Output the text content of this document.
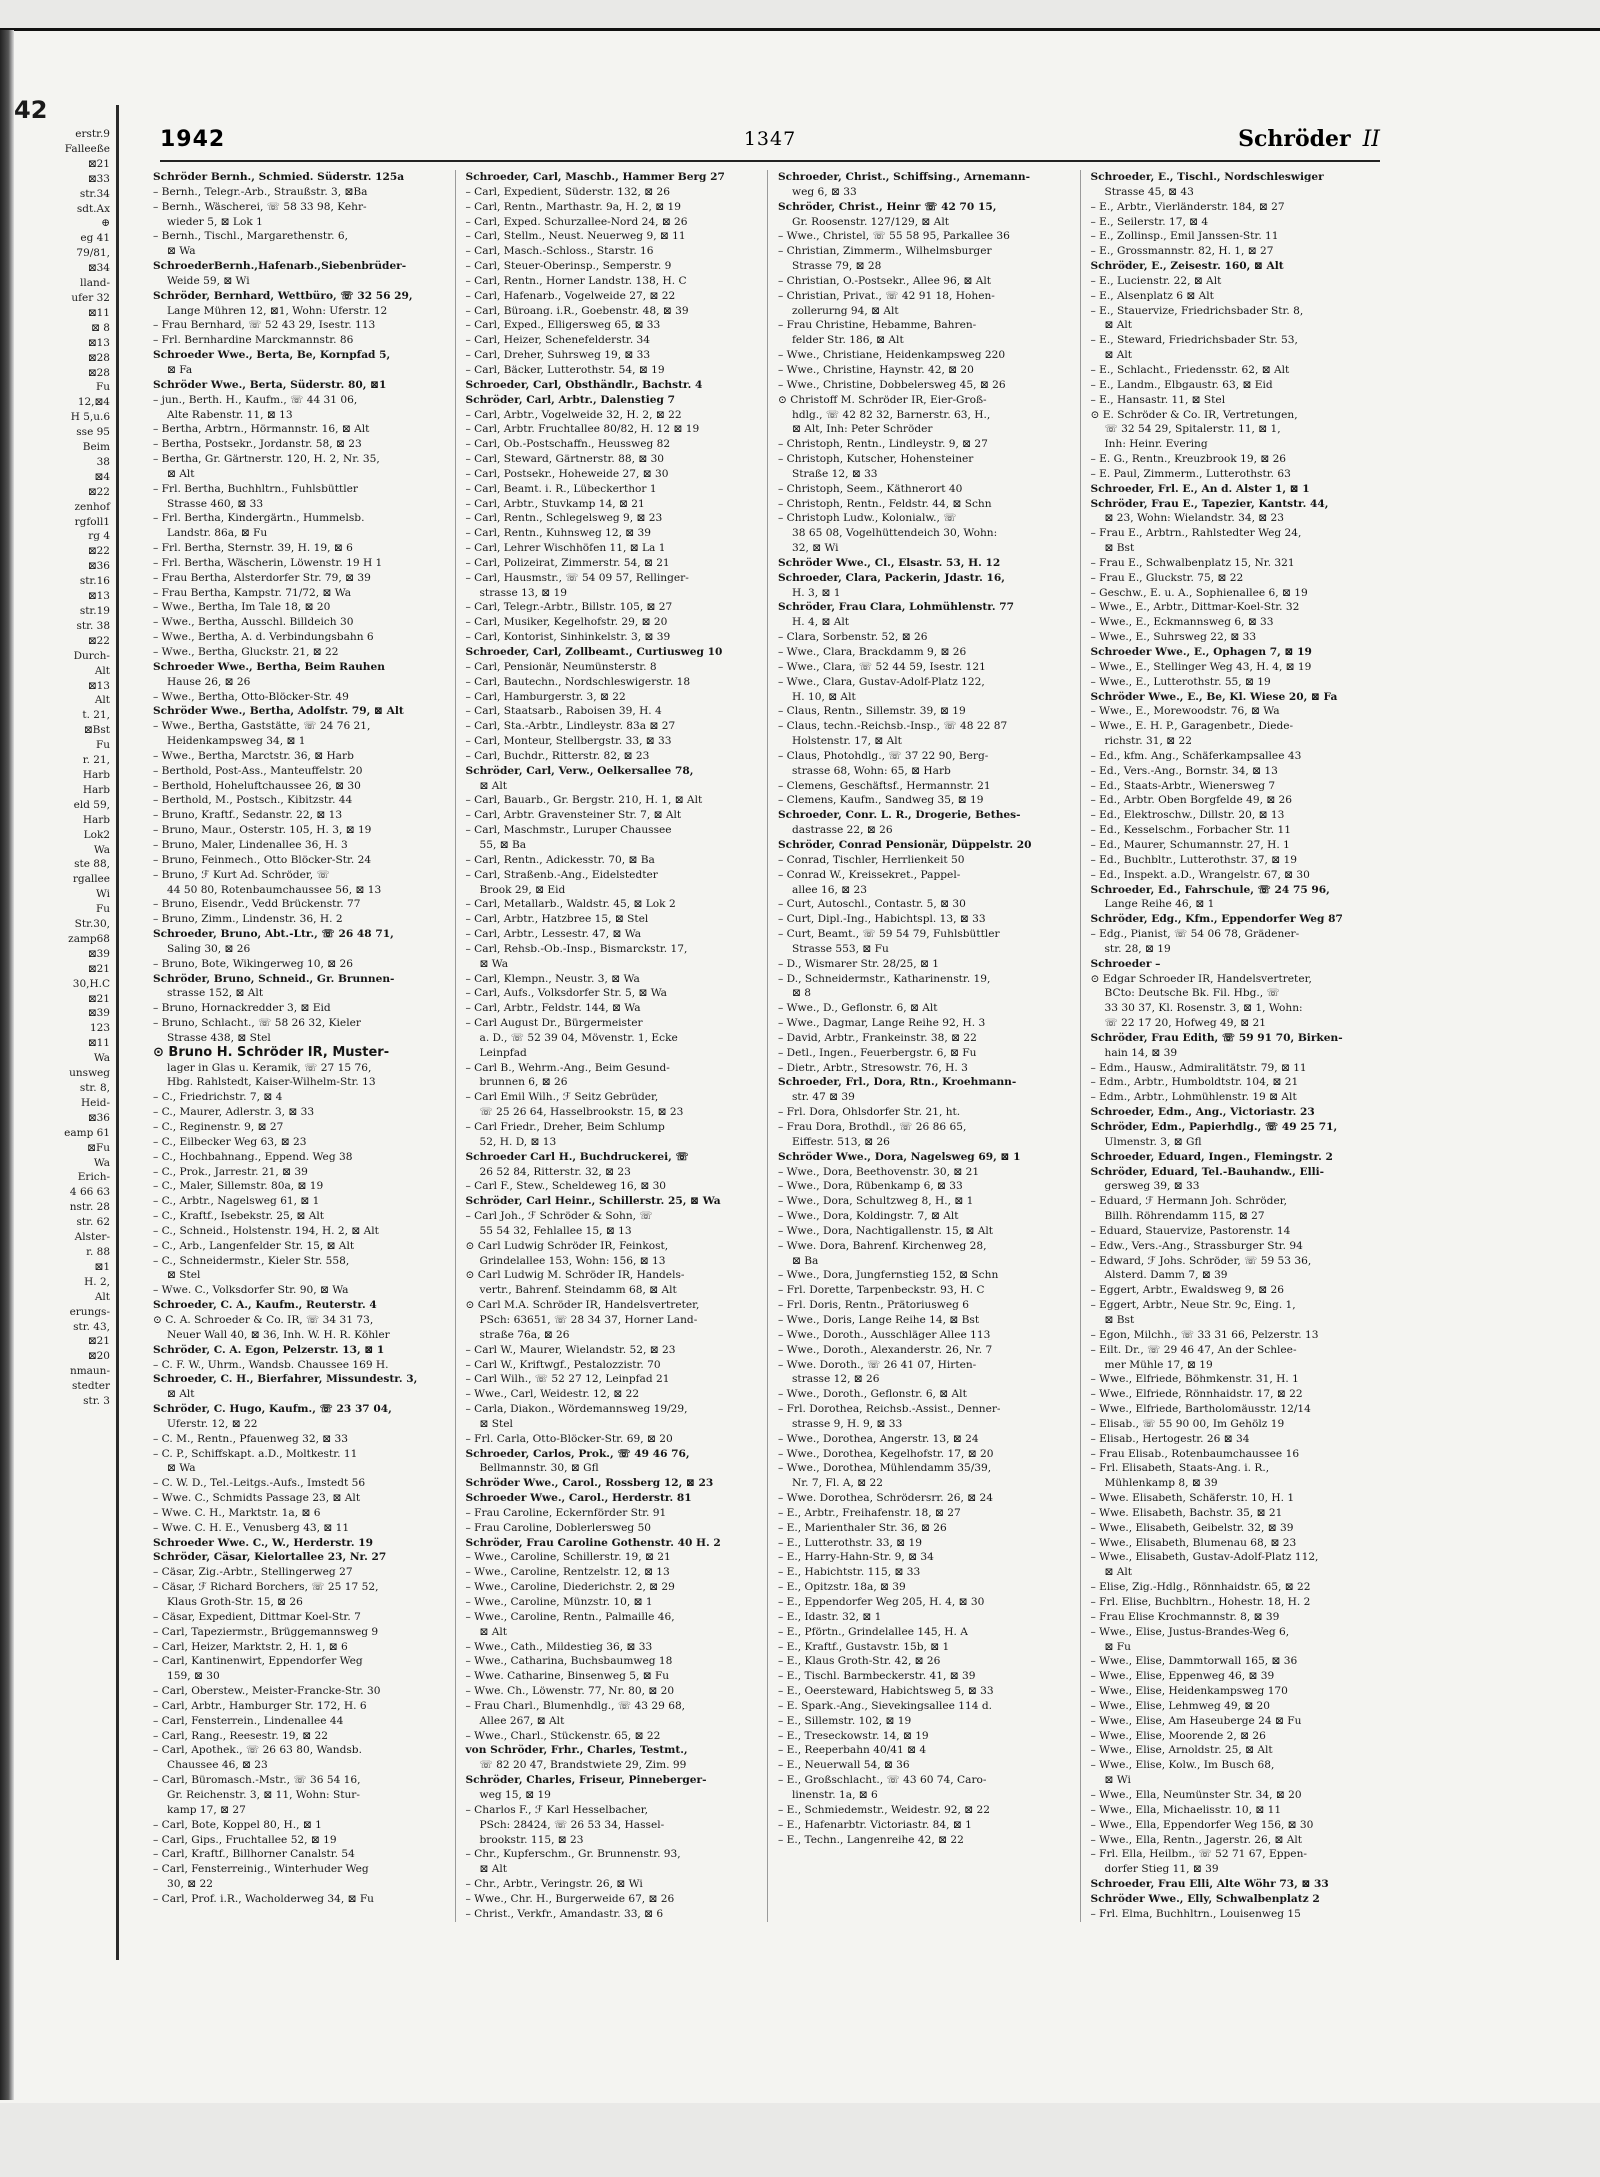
42
erstr.9
Falleeße
⊠21
⊠33
str.34
sdt.Ax
⊕
eg 41
79/81,
⊠34
lland-
ufer 32
⊠11
⊠ 8
⊠13
⊠28
⊠28
Fu
12,⊠4
H 5,u.6
sse 95
Beim
38
⊠4
⊠22
zenhof
rgfoll1
rg 4
⊠22
⊠36
str.16
⊠13
str.19
str. 38
⊠22
Durch-
Alt
⊠13
Alt
t. 21,
⊠Bst
Fu
r. 21,
Harb
Harb
eld 59,
Harb
Lok2
Wa
ste 88,
rgallee
Wi
Fu
Str.30,
zamp68
⊠39
⊠21
30,H.C
⊠21
⊠39
123
⊠11
Wa
unsweg
str. 8,
Heid-
⊠36
eamp 61
⊠Fu
Wa
Erich-
4 66 63
nstr. 28
str. 62
Alster-
r. 88
⊠1
H. 2,
Alt
erungs-
str. 43,
⊠21
⊠20
nmaun-
stedter
str. 3
1942	1347	Schröder II
Schröder Bernh., Schmied. Süderstr. 125a
– Bernh., Telegr.-Arb., Straußstr. 3, ⊠Ba
– Bernh., Wäscherei, ☏ 58 33 98, Kehr-
wieder 5, ⊠ Lok 1
– Bernh., Tischl., Margarethenstr. 6,
⊠ Wa
SchroederBernh.,Hafenarb.,Siebenbrüder-
Weide 59, ⊠ Wi
Schröder, Bernhard, Wettbüro, ☏ 32 56 29,
Lange Mühren 12, ⊠1, Wohn: Uferstr. 12
– Frau Bernhard, ☏ 52 43 29, Isestr. 113
– Frl. Bernhardine Marckmannstr. 86
Schroeder Wwe., Berta, Be, Kornpfad 5,
⊠ Fa
Schröder Wwe., Berta, Süderstr. 80, ⊠1
– jun., Berth. H., Kaufm., ☏ 44 31 06,
Alte Rabenstr. 11, ⊠ 13
– Bertha, Arbtrn., Hörmannstr. 16, ⊠ Alt
– Bertha, Postsekr., Jordanstr. 58, ⊠ 23
– Bertha, Gr. Gärtnerstr. 120, H. 2, Nr. 35,
⊠ Alt
– Frl. Bertha, Buchhltrn., Fuhlsbüttler
Strasse 460, ⊠ 33
– Frl. Bertha, Kindergärtn., Hummelsb.
Landstr. 86a, ⊠ Fu
– Frl. Bertha, Sternstr. 39, H. 19, ⊠ 6
– Frl. Bertha, Wäscherin, Löwenstr. 19 H 1
– Frau Bertha, Alsterdorfer Str. 79, ⊠ 39
– Frau Bertha, Kampstr. 71/72, ⊠ Wa
– Wwe., Bertha, Im Tale 18, ⊠ 20
– Wwe., Bertha, Ausschl. Billdeich 30
– Wwe., Bertha, A. d. Verbindungsbahn 6
– Wwe., Bertha, Gluckstr. 21, ⊠ 22
Schroeder Wwe., Bertha, Beim Rauhen
Hause 26, ⊠ 26
– Wwe., Bertha, Otto-Blöcker-Str. 49
Schröder Wwe., Bertha, Adolfstr. 79, ⊠ Alt
– Wwe., Bertha, Gaststätte, ☏ 24 76 21,
Heidenkampsweg 34, ⊠ 1
– Wwe., Bertha, Marctstr. 36, ⊠ Harb
– Berthold, Post-Ass., Manteuffelstr. 20
– Berthold, Hoheluftchaussee 26, ⊠ 30
– Berthold, M., Postsch., Kibitzstr. 44
– Bruno, Kraftf., Sedanstr. 22, ⊠ 13
– Bruno, Maur., Osterstr. 105, H. 3, ⊠ 19
– Bruno, Maler, Lindenallee 36, H. 3
– Bruno, Feinmech., Otto Blöcker-Str. 24
– Bruno, ℱ Kurt Ad. Schröder, ☏
44 50 80, Rotenbaumchaussee 56, ⊠ 13
– Bruno, Eisendr., Vedd Brückenstr. 77
– Bruno, Zimm., Lindenstr. 36, H. 2
Schroeder, Bruno, Abt.-Ltr., ☏ 26 48 71,
Saling 30, ⊠ 26
– Bruno, Bote, Wikingerweg 10, ⊠ 26
Schröder, Bruno, Schneid., Gr. Brunnen-
strasse 152, ⊠ Alt
– Bruno, Hornackredder 3, ⊠ Eid
– Bruno, Schlacht., ☏ 58 26 32, Kieler
Strasse 438, ⊠ Stel
⊙ Bruno H. Schröder IR, Muster-
lager in Glas u. Keramik, ☏ 27 15 76,
Hbg. Rahlstedt, Kaiser-Wilhelm-Str. 13
– C., Friedrichstr. 7, ⊠ 4
– C., Maurer, Adlerstr. 3, ⊠ 33
– C., Reginenstr. 9, ⊠ 27
– C., Eilbecker Weg 63, ⊠ 23
– C., Hochbahnang., Eppend. Weg 38
– C., Prok., Jarrestr. 21, ⊠ 39
– C., Maler, Sillemstr. 80a, ⊠ 19
– C., Arbtr., Nagelsweg 61, ⊠ 1
– C., Kraftf., Isebekstr. 25, ⊠ Alt
– C., Schneid., Holstenstr. 194, H. 2, ⊠ Alt
– C., Arb., Langenfelder Str. 15, ⊠ Alt
– C., Schneidermstr., Kieler Str. 558,
⊠ Stel
– Wwe. C., Volksdorfer Str. 90, ⊠ Wa
Schroeder, C. A., Kaufm., Reuterstr. 4
⊙ C. A. Schroeder & Co. IR, ☏ 34 31 73,
Neuer Wall 40, ⊠ 36, Inh. W. H. R. Köhler
Schröder, C. A. Egon, Pelzerstr. 13, ⊠ 1
– C. F. W., Uhrm., Wandsb. Chaussee 169 H.
Schroeder, C. H., Bierfahrer, Missundestr. 3,
⊠ Alt
Schröder, C. Hugo, Kaufm., ☏ 23 37 04,
Uferstr. 12, ⊠ 22
– C. M., Rentn., Pfauenweg 32, ⊠ 33
– C. P., Schiffskapt. a.D., Moltkestr. 11
⊠ Wa
– C. W. D., Tel.-Leitgs.-Aufs., Imstedt 56
– Wwe. C., Schmidts Passage 23, ⊠ Alt
– Wwe. C. H., Marktstr. 1a, ⊠ 6
– Wwe. C. H. E., Venusberg 43, ⊠ 11
Schroeder Wwe. C., W., Herderstr. 19
Schröder, Cäsar, Kielortallee 23, Nr. 27
– Cäsar, Zig.-Arbtr., Stellingerweg 27
– Cäsar, ℱ Richard Borchers, ☏ 25 17 52,
Klaus Groth-Str. 15, ⊠ 26
– Cäsar, Expedient, Dittmar Koel-Str. 7
– Carl, Tapeziermstr., Brüggemannsweg 9
– Carl, Heizer, Marktstr. 2, H. 1, ⊠ 6
– Carl, Kantinenwirt, Eppendorfer Weg
159, ⊠ 30
– Carl, Oberstew., Meister-Francke-Str. 30
– Carl, Arbtr., Hamburger Str. 172, H. 6
– Carl, Fensterrein., Lindenallee 44
– Carl, Rang., Reesestr. 19, ⊠ 22
– Carl, Apothek., ☏ 26 63 80, Wandsb.
Chaussee 46, ⊠ 23
– Carl, Büromasch.-Mstr., ☏ 36 54 16,
Gr. Reichenstr. 3, ⊠ 11, Wohn: Stur-
kamp 17, ⊠ 27
– Carl, Bote, Koppel 80, H., ⊠ 1
– Carl, Gips., Fruchtallee 52, ⊠ 19
– Carl, Kraftf., Billhorner Canalstr. 54
– Carl, Fensterreinig., Winterhuder Weg
30, ⊠ 22
– Carl, Prof. i.R., Wacholderweg 34, ⊠ Fu
Schroeder, Carl, Maschb., Hammer Berg 27
– Carl, Expedient, Süderstr. 132, ⊠ 26
– Carl, Rentn., Marthastr. 9a, H. 2, ⊠ 19
– Carl, Exped. Schurzallee-Nord 24, ⊠ 26
– Carl, Stellm., Neust. Neuerweg 9, ⊠ 11
– Carl, Masch.-Schloss., Starstr. 16
– Carl, Steuer-Oberinsp., Semperstr. 9
– Carl, Rentn., Horner Landstr. 138, H. C
– Carl, Hafenarb., Vogelweide 27, ⊠ 22
– Carl, Büroang. i.R., Goebenstr. 48, ⊠ 39
– Carl, Exped., Elligersweg 65, ⊠ 33
– Carl, Heizer, Schenefelderstr. 34
– Carl, Dreher, Suhrsweg 19, ⊠ 33
– Carl, Bäcker, Lutterothstr. 54, ⊠ 19
Schroeder, Carl, Obsthändlr., Bachstr. 4
Schröder, Carl, Arbtr., Dalenstieg 7
– Carl, Arbtr., Vogelweide 32, H. 2, ⊠ 22
– Carl, Arbtr. Fruchtallee 80/82, H. 12 ⊠ 19
– Carl, Ob.-Postschaffn., Heussweg 82
– Carl, Steward, Gärtnerstr. 88, ⊠ 30
– Carl, Postsekr., Hoheweide 27, ⊠ 30
– Carl, Beamt. i. R., Lübeckerthor 1
– Carl, Arbtr., Stuvkamp 14, ⊠ 21
– Carl, Rentn., Schlegelsweg 9, ⊠ 23
– Carl, Rentn., Kuhnsweg 12, ⊠ 39
– Carl, Lehrer Wischhöfen 11, ⊠ La 1
– Carl, Polizeirat, Zimmerstr. 54, ⊠ 21
– Carl, Hausmstr., ☏ 54 09 57, Rellinger-
strasse 13, ⊠ 19
– Carl, Telegr.-Arbtr., Billstr. 105, ⊠ 27
– Carl, Musiker, Kegelhofstr. 29, ⊠ 20
– Carl, Kontorist, Sinhinkelstr. 3, ⊠ 39
Schroeder, Carl, Zollbeamt., Curtiusweg 10
– Carl, Pensionär, Neumünsterstr. 8
– Carl, Bautechn., Nordschleswigerstr. 18
– Carl, Hamburgerstr. 3, ⊠ 22
– Carl, Staatsarb., Raboisen 39, H. 4
– Carl, Sta.-Arbtr., Lindleystr. 83a ⊠ 27
– Carl, Monteur, Stellbergstr. 33, ⊠ 33
– Carl, Buchdr., Ritterstr. 82, ⊠ 23
Schröder, Carl, Verw., Oelkersallee 78,
⊠ Alt
– Carl, Bauarb., Gr. Bergstr. 210, H. 1, ⊠ Alt
– Carl, Arbtr. Gravensteiner Str. 7, ⊠ Alt
– Carl, Maschmstr., Luruper Chaussee
55, ⊠ Ba
– Carl, Rentn., Adickesstr. 70, ⊠ Ba
– Carl, Straßenb.-Ang., Eidelstedter
Brook 29, ⊠ Eid
– Carl, Metallarb., Waldstr. 45, ⊠ Lok 2
– Carl, Arbtr., Hatzbree 15, ⊠ Stel
– Carl, Arbtr., Lessestr. 47, ⊠ Wa
– Carl, Rehsb.-Ob.-Insp., Bismarckstr. 17,
⊠ Wa
– Carl, Klempn., Neustr. 3, ⊠ Wa
– Carl, Aufs., Volksdorfer Str. 5, ⊠ Wa
– Carl, Arbtr., Feldstr. 144, ⊠ Wa
– Carl August Dr., Bürgermeister
a. D., ☏ 52 39 04, Mövenstr. 1, Ecke
Leinpfad
– Carl B., Wehrm.-Ang., Beim Gesund-
brunnen 6, ⊠ 26
– Carl Emil Wilh., ℱ Seitz Gebrüder,
☏ 25 26 64, Hasselbrookstr. 15, ⊠ 23
– Carl Friedr., Dreher, Beim Schlump
52, H. D, ⊠ 13
Schroeder Carl H., Buchdruckerei, ☏
26 52 84, Ritterstr. 32, ⊠ 23
– Carl F., Stew., Scheldeweg 16, ⊠ 30
Schröder, Carl Heinr., Schillerstr. 25, ⊠ Wa
– Carl Joh., ℱ Schröder & Sohn, ☏
55 54 32, Fehlallee 15, ⊠ 13
⊙ Carl Ludwig Schröder IR, Feinkost,
Grindelallee 153, Wohn: 156, ⊠ 13
⊙ Carl Ludwig M. Schröder IR, Handels-
vertr., Bahrenf. Steindamm 68, ⊠ Alt
⊙ Carl M.A. Schröder IR, Handelsvertreter,
PSch: 63651, ☏ 28 34 37, Horner Land-
straße 76a, ⊠ 26
– Carl W., Maurer, Wielandstr. 52, ⊠ 23
– Carl W., Kriftwgf., Pestalozzistr. 70
– Carl Wilh., ☏ 52 27 12, Leinpfad 21
– Wwe., Carl, Weidestr. 12, ⊠ 22
– Carla, Diakon., Wördemannsweg 19/29,
⊠ Stel
– Frl. Carla, Otto-Blöcker-Str. 69, ⊠ 20
Schroeder, Carlos, Prok., ☏ 49 46 76,
Bellmannstr. 30, ⊠ Gfl
Schröder Wwe., Carol., Rossberg 12, ⊠ 23
Schroeder Wwe., Carol., Herderstr. 81
– Frau Caroline, Eckernförder Str. 91
– Frau Caroline, Doblerlersweg 50
Schröder, Frau Caroline Gothenstr. 40 H. 2
– Wwe., Caroline, Schillerstr. 19, ⊠ 21
– Wwe., Caroline, Rentzelstr. 12, ⊠ 13
– Wwe., Caroline, Diederichstr. 2, ⊠ 29
– Wwe., Caroline, Münzstr. 10, ⊠ 1
– Wwe., Caroline, Rentn., Palmaille 46,
⊠ Alt
– Wwe., Cath., Mildestieg 36, ⊠ 33
– Wwe., Catharina, Buchsbaumweg 18
– Wwe. Catharine, Binsenweg 5, ⊠ Fu
– Wwe. Ch., Löwenstr. 77, Nr. 80, ⊠ 20
– Frau Charl., Blumenhdlg., ☏ 43 29 68,
Allee 267, ⊠ Alt
– Wwe., Charl., Stückenstr. 65, ⊠ 22
von Schröder, Frhr., Charles, Testmt.,
☏ 82 20 47, Brandstwiete 29, Zim. 99
Schröder, Charles, Friseur, Pinneberger-
weg 15, ⊠ 19
– Charlos F., ℱ Karl Hesselbacher,
PSch: 28424, ☏ 26 53 34, Hassel-
brookstr. 115, ⊠ 23
– Chr., Kupferschm., Gr. Brunnenstr. 93,
⊠ Alt
– Chr., Arbtr., Veringstr. 26, ⊠ Wi
– Wwe., Chr. H., Burgerweide 67, ⊠ 26
– Christ., Verkfr., Amandastr. 33, ⊠ 6
Schroeder, Christ., Schiffsing., Arnemann-
weg 6, ⊠ 33
Schröder, Christ., Heinr ☏ 42 70 15,
Gr. Roosenstr. 127/129, ⊠ Alt
– Wwe., Christel, ☏ 55 58 95, Parkallee 36
– Christian, Zimmerm., Wilhelmsburger
Strasse 79, ⊠ 28
– Christian, O.-Postsekr., Allee 96, ⊠ Alt
– Christian, Privat., ☏ 42 91 18, Hohen-
zollerurng 94, ⊠ Alt
– Frau Christine, Hebamme, Bahren-
felder Str. 186, ⊠ Alt
– Wwe., Christiane, Heidenkampsweg 220
– Wwe., Christine, Haynstr. 42, ⊠ 20
– Wwe., Christine, Dobbelersweg 45, ⊠ 26
⊙ Christoff M. Schröder IR, Eier-Groß-
hdlg., ☏ 42 82 32, Barnerstr. 63, H.,
⊠ Alt, Inh: Peter Schröder
– Christoph, Rentn., Lindleystr. 9, ⊠ 27
– Christoph, Kutscher, Hohensteiner
Straße 12, ⊠ 33
– Christoph, Seem., Käthnerort 40
– Christoph, Rentn., Feldstr. 44, ⊠ Schn
– Christoph Ludw., Kolonialw., ☏
38 65 08, Vogelhüttendeich 30, Wohn:
32, ⊠ Wi
Schröder Wwe., Cl., Elsastr. 53, H. 12
Schroeder, Clara, Packerin, Jdastr. 16,
H. 3, ⊠ 1
Schröder, Frau Clara, Lohmühlenstr. 77
H. 4, ⊠ Alt
– Clara, Sorbenstr. 52, ⊠ 26
– Wwe., Clara, Brackdamm 9, ⊠ 26
– Wwe., Clara, ☏ 52 44 59, Isestr. 121
– Wwe., Clara, Gustav-Adolf-Platz 122,
H. 10, ⊠ Alt
– Claus, Rentn., Sillemstr. 39, ⊠ 19
– Claus, techn.-Reichsb.-Insp., ☏ 48 22 87
Holstenstr. 17, ⊠ Alt
– Claus, Photohdlg., ☏ 37 22 90, Berg-
strasse 68, Wohn: 65, ⊠ Harb
– Clemens, Geschäftsf., Hermannstr. 21
– Clemens, Kaufm., Sandweg 35, ⊠ 19
Schroeder, Conr. L. R., Drogerie, Bethes-
dastrasse 22, ⊠ 26
Schröder, Conrad Pensionär, Düppelstr. 20
– Conrad, Tischler, Herrlienkeit 50
– Conrad W., Kreissekret., Pappel-
allee 16, ⊠ 23
– Curt, Autoschl., Contastr. 5, ⊠ 30
– Curt, Dipl.-Ing., Habichtspl. 13, ⊠ 33
– Curt, Beamt., ☏ 59 54 79, Fuhlsbüttler
Strasse 553, ⊠ Fu
– D., Wismarer Str. 28/25, ⊠ 1
– D., Schneidermstr., Katharinenstr. 19,
⊠ 8
– Wwe., D., Geflonstr. 6, ⊠ Alt
– Wwe., Dagmar, Lange Reihe 92, H. 3
– David, Arbtr., Frankeinstr. 38, ⊠ 22
– Detl., Ingen., Feuerbergstr. 6, ⊠ Fu
– Dietr., Arbtr., Stresowstr. 76, H. 3
Schroeder, Frl., Dora, Rtn., Kroehmann-
str. 47 ⊠ 39
– Frl. Dora, Ohlsdorfer Str. 21, ht.
– Frau Dora, Brothdl., ☏ 26 86 65,
Eiffestr. 513, ⊠ 26
Schröder Wwe., Dora, Nagelsweg 69, ⊠ 1
– Wwe., Dora, Beethovenstr. 30, ⊠ 21
– Wwe., Dora, Rübenkamp 6, ⊠ 33
– Wwe., Dora, Schultzweg 8, H., ⊠ 1
– Wwe., Dora, Koldingstr. 7, ⊠ Alt
– Wwe., Dora, Nachtigallenstr. 15, ⊠ Alt
– Wwe. Dora, Bahrenf. Kirchenweg 28,
⊠ Ba
– Wwe., Dora, Jungfernstieg 152, ⊠ Schn
– Frl. Dorette, Tarpenbeckstr. 93, H. C
– Frl. Doris, Rentn., Prätoriusweg 6
– Wwe., Doris, Lange Reihe 14, ⊠ Bst
– Wwe., Doroth., Ausschläger Allee 113
– Wwe., Doroth., Alexanderstr. 26, Nr. 7
– Wwe. Doroth., ☏ 26 41 07, Hirten-
strasse 12, ⊠ 26
– Wwe., Doroth., Geflonstr. 6, ⊠ Alt
– Frl. Dorothea, Reichsb.-Assist., Denner-
strasse 9, H. 9, ⊠ 33
– Wwe., Dorothea, Angerstr. 13, ⊠ 24
– Wwe., Dorothea, Kegelhofstr. 17, ⊠ 20
– Wwe., Dorothea, Mühlendamm 35/39,
Nr. 7, Fl. A, ⊠ 22
– Wwe. Dorothea, Schrödersrr. 26, ⊠ 24
– E., Arbtr., Freihafenstr. 18, ⊠ 27
– E., Marienthaler Str. 36, ⊠ 26
– E., Lutterothstr. 33, ⊠ 19
– E., Harry-Hahn-Str. 9, ⊠ 34
– E., Habichtstr. 115, ⊠ 33
– E., Opitzstr. 18a, ⊠ 39
– E., Eppendorfer Weg 205, H. 4, ⊠ 30
– E., Idastr. 32, ⊠ 1
– E., Pförtn., Grindelallee 145, H. A
– E., Kraftf., Gustavstr. 15b, ⊠ 1
– E., Klaus Groth-Str. 42, ⊠ 26
– E., Tischl. Barmbeckerstr. 41, ⊠ 39
– E., Oeersteward, Habichtsweg 5, ⊠ 33
– E. Spark.-Ang., Sievekingsallee 114 d.
– E., Sillemstr. 102, ⊠ 19
– E., Treseckowstr. 14, ⊠ 19
– E., Reeperbahn 40/41 ⊠ 4
– E., Neuerwall 54, ⊠ 36
– E., Großschlacht., ☏ 43 60 74, Caro-
linenstr. 1a, ⊠ 6
– E., Schmiedemstr., Weidestr. 92, ⊠ 22
– E., Hafenarbtr. Victoriastr. 84, ⊠ 1
– E., Techn., Langenreihe 42, ⊠ 22
Schroeder, E., Tischl., Nordschleswiger
Strasse 45, ⊠ 43
– E., Arbtr., Vierländerstr. 184, ⊠ 27
– E., Seilerstr. 17, ⊠ 4
– E., Zollinsp., Emil Janssen-Str. 11
– E., Grossmannstr. 82, H. 1, ⊠ 27
Schröder, E., Zeisestr. 160, ⊠ Alt
– E., Lucienstr. 22, ⊠ Alt
– E., Alsenplatz 6 ⊠ Alt
– E., Stauervize, Friedrichsbader Str. 8,
⊠ Alt
– E., Steward, Friedrichsbader Str. 53,
⊠ Alt
– E., Schlacht., Friedensstr. 62, ⊠ Alt
– E., Landm., Elbgaustr. 63, ⊠ Eid
– E., Hansastr. 11, ⊠ Stel
⊙ E. Schröder & Co. IR, Vertretungen,
☏ 32 54 29, Spitalerstr. 11, ⊠ 1,
Inh: Heinr. Evering
– E. G., Rentn., Kreuzbrook 19, ⊠ 26
– E. Paul, Zimmerm., Lutterothstr. 63
Schroeder, Frl. E., An d. Alster 1, ⊠ 1
Schröder, Frau E., Tapezier, Kantstr. 44,
⊠ 23, Wohn: Wielandstr. 34, ⊠ 23
– Frau E., Arbtrn., Rahlstedter Weg 24,
⊠ Bst
– Frau E., Schwalbenplatz 15, Nr. 321
– Frau E., Gluckstr. 75, ⊠ 22
– Geschw., E. u. A., Sophienallee 6, ⊠ 19
– Wwe., E., Arbtr., Dittmar-Koel-Str. 32
– Wwe., E., Eckmannsweg 6, ⊠ 33
– Wwe., E., Suhrsweg 22, ⊠ 33
Schroeder Wwe., E., Ophagen 7, ⊠ 19
– Wwe., E., Stellinger Weg 43, H. 4, ⊠ 19
– Wwe., E., Lutterothstr. 55, ⊠ 19
Schröder Wwe., E., Be, Kl. Wiese 20, ⊠ Fa
– Wwe., E., Morewoodstr. 76, ⊠ Wa
– Wwe., E. H. P., Garagenbetr., Diede-
richstr. 31, ⊠ 22
– Ed., kfm. Ang., Schäferkampsallee 43
– Ed., Vers.-Ang., Bornstr. 34, ⊠ 13
– Ed., Staats-Arbtr., Wienersweg 7
– Ed., Arbtr. Oben Borgfelde 49, ⊠ 26
– Ed., Elektroschw., Dillstr. 20, ⊠ 13
– Ed., Kesselschm., Forbacher Str. 11
– Ed., Maurer, Schumannstr. 27, H. 1
– Ed., Buchbltr., Lutterothstr. 37, ⊠ 19
– Ed., Inspekt. a.D., Wrangelstr. 67, ⊠ 30
Schroeder, Ed., Fahrschule, ☏ 24 75 96,
Lange Reihe 46, ⊠ 1
Schröder, Edg., Kfm., Eppendorfer Weg 87
– Edg., Pianist, ☏ 54 06 78, Grädener-
str. 28, ⊠ 19
Schroeder –
⊙ Edgar Schroeder IR, Handelsvertreter,
BCto: Deutsche Bk. Fil. Hbg., ☏
33 30 37, Kl. Rosenstr. 3, ⊠ 1, Wohn:
☏ 22 17 20, Hofweg 49, ⊠ 21
Schröder, Frau Edith, ☏ 59 91 70, Birken-
hain 14, ⊠ 39
– Edm., Hausw., Admiralitätstr. 79, ⊠ 11
– Edm., Arbtr., Humboldtstr. 104, ⊠ 21
– Edm., Arbtr., Lohmühlenstr. 19 ⊠ Alt
Schroeder, Edm., Ang., Victoriastr. 23
Schröder, Edm., Papierhdlg., ☏ 49 25 71,
Ulmenstr. 3, ⊠ Gfl
Schroeder, Eduard, Ingen., Flemingstr. 2
Schröder, Eduard, Tel.-Bauhandw., Elli-
gersweg 39, ⊠ 33
– Eduard, ℱ Hermann Joh. Schröder,
Billh. Röhrendamm 115, ⊠ 27
– Eduard, Stauervize, Pastorenstr. 14
– Edw., Vers.-Ang., Strassburger Str. 94
– Edward, ℱ Johs. Schröder, ☏ 59 53 36,
Alsterd. Damm 7, ⊠ 39
– Eggert, Arbtr., Ewaldsweg 9, ⊠ 26
– Eggert, Arbtr., Neue Str. 9c, Eing. 1,
⊠ Bst
– Egon, Milchh., ☏ 33 31 66, Pelzerstr. 13
– Eilt. Dr., ☏ 29 46 47, An der Schlee-
mer Mühle 17, ⊠ 19
– Wwe., Elfriede, Böhmkenstr. 31, H. 1
– Wwe., Elfriede, Rönnhaidstr. 17, ⊠ 22
– Wwe., Elfriede, Bartholomäusstr. 12/14
– Elisab., ☏ 55 90 00, Im Gehölz 19
– Elisab., Hertogestr. 26 ⊠ 34
– Frau Elisab., Rotenbaumchaussee 16
– Frl. Elisabeth, Staats-Ang. i. R.,
Mühlenkamp 8, ⊠ 39
– Wwe. Elisabeth, Schäferstr. 10, H. 1
– Wwe. Elisabeth, Bachstr. 35, ⊠ 21
– Wwe., Elisabeth, Geibelstr. 32, ⊠ 39
– Wwe., Elisabeth, Blumenau 68, ⊠ 23
– Wwe., Elisabeth, Gustav-Adolf-Platz 112,
⊠ Alt
– Elise, Zig.-Hdlg., Rönnhaidstr. 65, ⊠ 22
– Frl. Elise, Buchbltrn., Hohestr. 18, H. 2
– Frau Elise Krochmannstr. 8, ⊠ 39
– Wwe., Elise, Justus-Brandes-Weg 6,
⊠ Fu
– Wwe., Elise, Dammtorwall 165, ⊠ 36
– Wwe., Elise, Eppenweg 46, ⊠ 39
– Wwe., Elise, Heidenkampsweg 170
– Wwe., Elise, Lehmweg 49, ⊠ 20
– Wwe., Elise, Am Haseuberge 24 ⊠ Fu
– Wwe., Elise, Moorende 2, ⊠ 26
– Wwe., Elise, Arnoldstr. 25, ⊠ Alt
– Wwe., Elise, Kolw., Im Busch 68,
⊠ Wi
– Wwe., Ella, Neumünster Str. 34, ⊠ 20
– Wwe., Ella, Michaelisstr. 10, ⊠ 11
– Wwe., Ella, Eppendorfer Weg 156, ⊠ 30
– Wwe., Ella, Rentn., Jagerstr. 26, ⊠ Alt
– Frl. Ella, Heilbm., ☏ 52 71 67, Eppen-
dorfer Stieg 11, ⊠ 39
Schroeder, Frau Elli, Alte Wöhr 73, ⊠ 33
Schröder Wwe., Elly, Schwalbenplatz 2
– Frl. Elma, Buchhltrn., Louisenweg 15
